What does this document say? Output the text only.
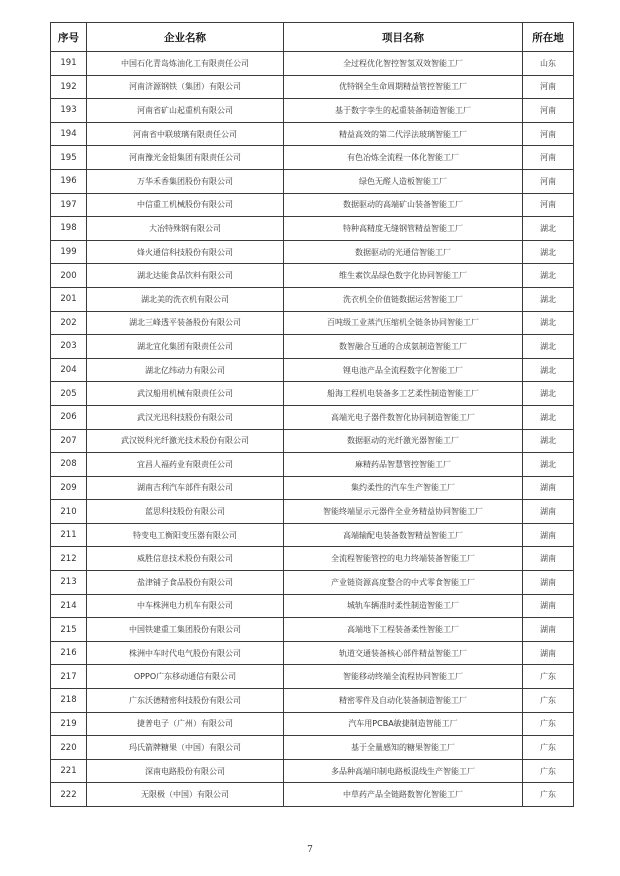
序号	企业名称	项目名称	所在地
191	中国石化青岛炼油化工有限责任公司	全过程优化智控智氢双效智能工厂	山东
192	河南济源钢铁（集团）有限公司	优特钢全生命周期精益管控智能工厂	河南
193	河南省矿山起重机有限公司	基于数字孪生的起重装备制造智能工厂	河南
194	河南省中联玻璃有限责任公司	精益高效的第二代浮法玻璃智能工厂	河南
195	河南豫光金铅集团有限责任公司	有色冶炼全流程一体化智能工厂	河南
196	万华禾香集团股份有限公司	绿色无醛人造板智能工厂	河南
197	中信重工机械股份有限公司	数据驱动的高端矿山装备智能工厂	河南
198	大冶特殊钢有限公司	特种高精度无缝钢管精益智能工厂	湖北
199	烽火通信科技股份有限公司	数据驱动的光通信智能工厂	湖北
200	湖北达能食品饮料有限公司	维生素饮品绿色数字化协同智能工厂	湖北
201	湖北美的洗衣机有限公司	洗衣机全价值链数据运营智能工厂	湖北
202	湖北三峰透平装备股份有限公司	百吨级工业蒸汽压缩机全链条协同智能工厂	湖北
203	湖北宜化集团有限责任公司	数智融合互通的合成氨制造智能工厂	湖北
204	湖北亿纬动力有限公司	锂电池产品全流程数字化智能工厂	湖北
205	武汉船用机械有限责任公司	船海工程机电装备多工艺柔性制造智能工厂	湖北
206	武汉光迅科技股份有限公司	高端光电子器件数智化协同制造智能工厂	湖北
207	武汉锐科光纤激光技术股份有限公司	数据驱动的光纤激光器智能工厂	湖北
208	宜昌人福药业有限责任公司	麻精药品智慧管控智能工厂	湖北
209	湖南吉利汽车部件有限公司	集约柔性的汽车生产智能工厂	湖南
210	蓝思科技股份有限公司	智能终端显示元器件全业务精益协同智能工厂	湖南
211	特变电工衡阳变压器有限公司	高端输配电装备数智精益智能工厂	湖南
212	威胜信息技术股份有限公司	全流程智能管控的电力终端装备智能工厂	湖南
213	盐津铺子食品股份有限公司	产业链资源高度整合的中式零食智能工厂	湖南
214	中车株洲电力机车有限公司	城轨车辆准时柔性制造智能工厂	湖南
215	中国铁建重工集团股份有限公司	高端地下工程装备柔性智能工厂	湖南
216	株洲中车时代电气股份有限公司	轨道交通装备核心部件精益智能工厂	湖南
217	OPPO广东移动通信有限公司	智能移动终端全流程协同智能工厂	广东
218	广东沃德精密科技股份有限公司	精密零件及自动化装备制造智能工厂	广东
219	捷普电子（广州）有限公司	汽车用PCBA敏捷制造智能工厂	广东
220	玛氏箭牌糖果（中国）有限公司	基于全量感知的糖果智能工厂	广东
221	深南电路股份有限公司	多品种高端印制电路板混线生产智能工厂	广东
222	无限极（中国）有限公司	中草药产品全链路数智化智能工厂	广东
7
